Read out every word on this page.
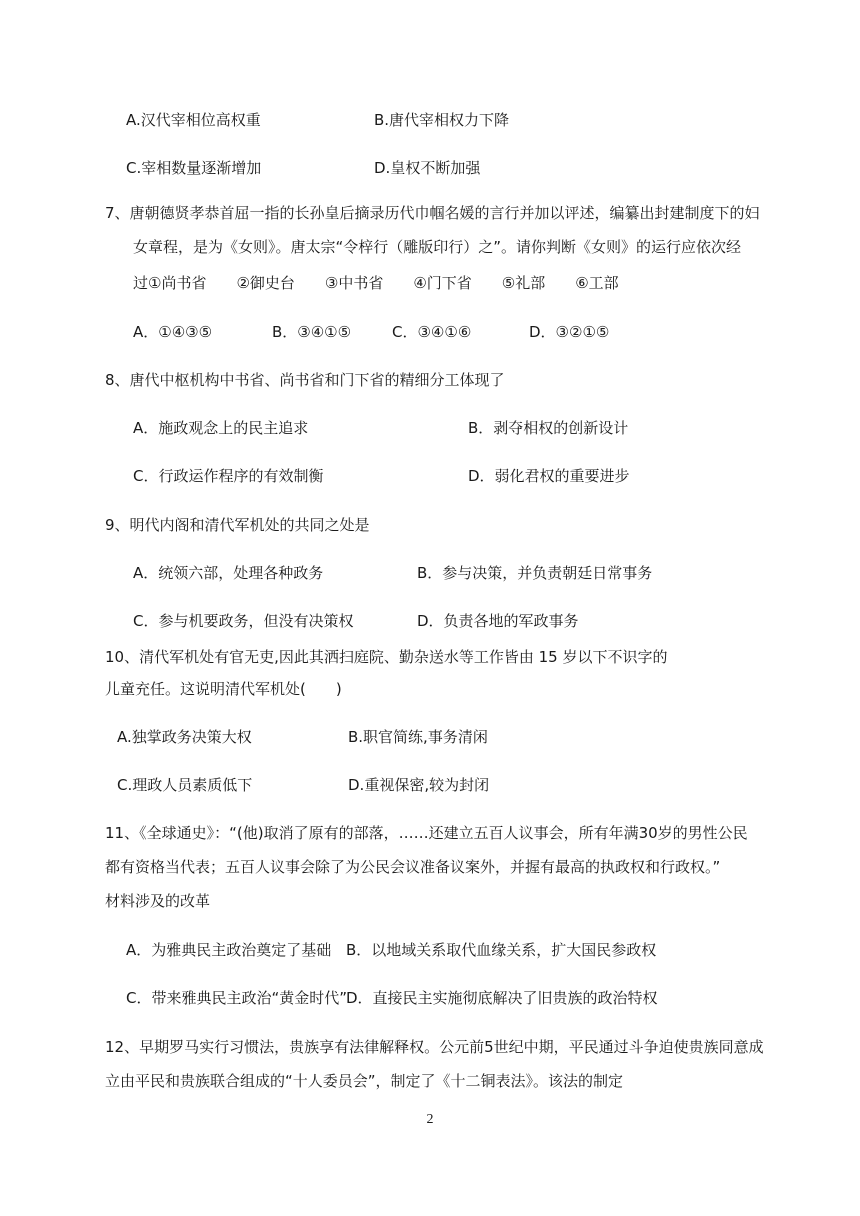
A.汉代宰相位高权重	B.唐代宰相权力下降
C.宰相数量逐渐增加	D.皇权不断加强
7、唐朝德贤孝恭首屈一指的长孙皇后摘录历代巾帼名媛的言行并加以评述，编纂出封建制度下的妇
女章程，是为《女则》。唐太宗“令梓行（雕版印行）之”。请你判断《女则》的运行应依次经
过①尚书省　　②御史台　　③中书省　　④门下省　　⑤礼部　　⑥工部
A．①④③⑤	B．③④①⑤	C．③④①⑥	D．③②①⑤
8、唐代中枢机构中书省、尚书省和门下省的精细分工体现了
A．施政观念上的民主追求	B．剥夺相权的创新设计
C．行政运作程序的有效制衡	D．弱化君权的重要进步
9、明代内阁和清代军机处的共同之处是
A．统领六部，处理各种政务	B．参与决策，并负责朝廷日常事务
C．参与机要政务，但没有决策权	D．负责各地的军政事务
10、清代军机处有官无吏,因此其洒扫庭院、勤杂送水等工作皆由 15 岁以下不识字的
儿童充任。这说明清代军机处(　　)
A.独掌政务决策大权	B.职官简练,事务清闲
C.理政人员素质低下	D.重视保密,较为封闭
11、《全球通史》：“(他)取消了原有的部落，……还建立五百人议事会，所有年满30岁的男性公民
都有资格当代表；五百人议事会除了为公民会议准备议案外，并握有最高的执政权和行政权。”
材料涉及的改革
A．为雅典民主政治奠定了基础 B．以地域关系取代血缘关系，扩大国民参政权
C．带来雅典民主政治“黄金时代”
D．直接民主实施彻底解决了旧贵族的政治特权
12、早期罗马实行习惯法，贵族享有法律解释权。公元前5世纪中期，平民通过斗争迫使贵族同意成
立由平民和贵族联合组成的“十人委员会”，制定了《十二铜表法》。该法的制定
2
